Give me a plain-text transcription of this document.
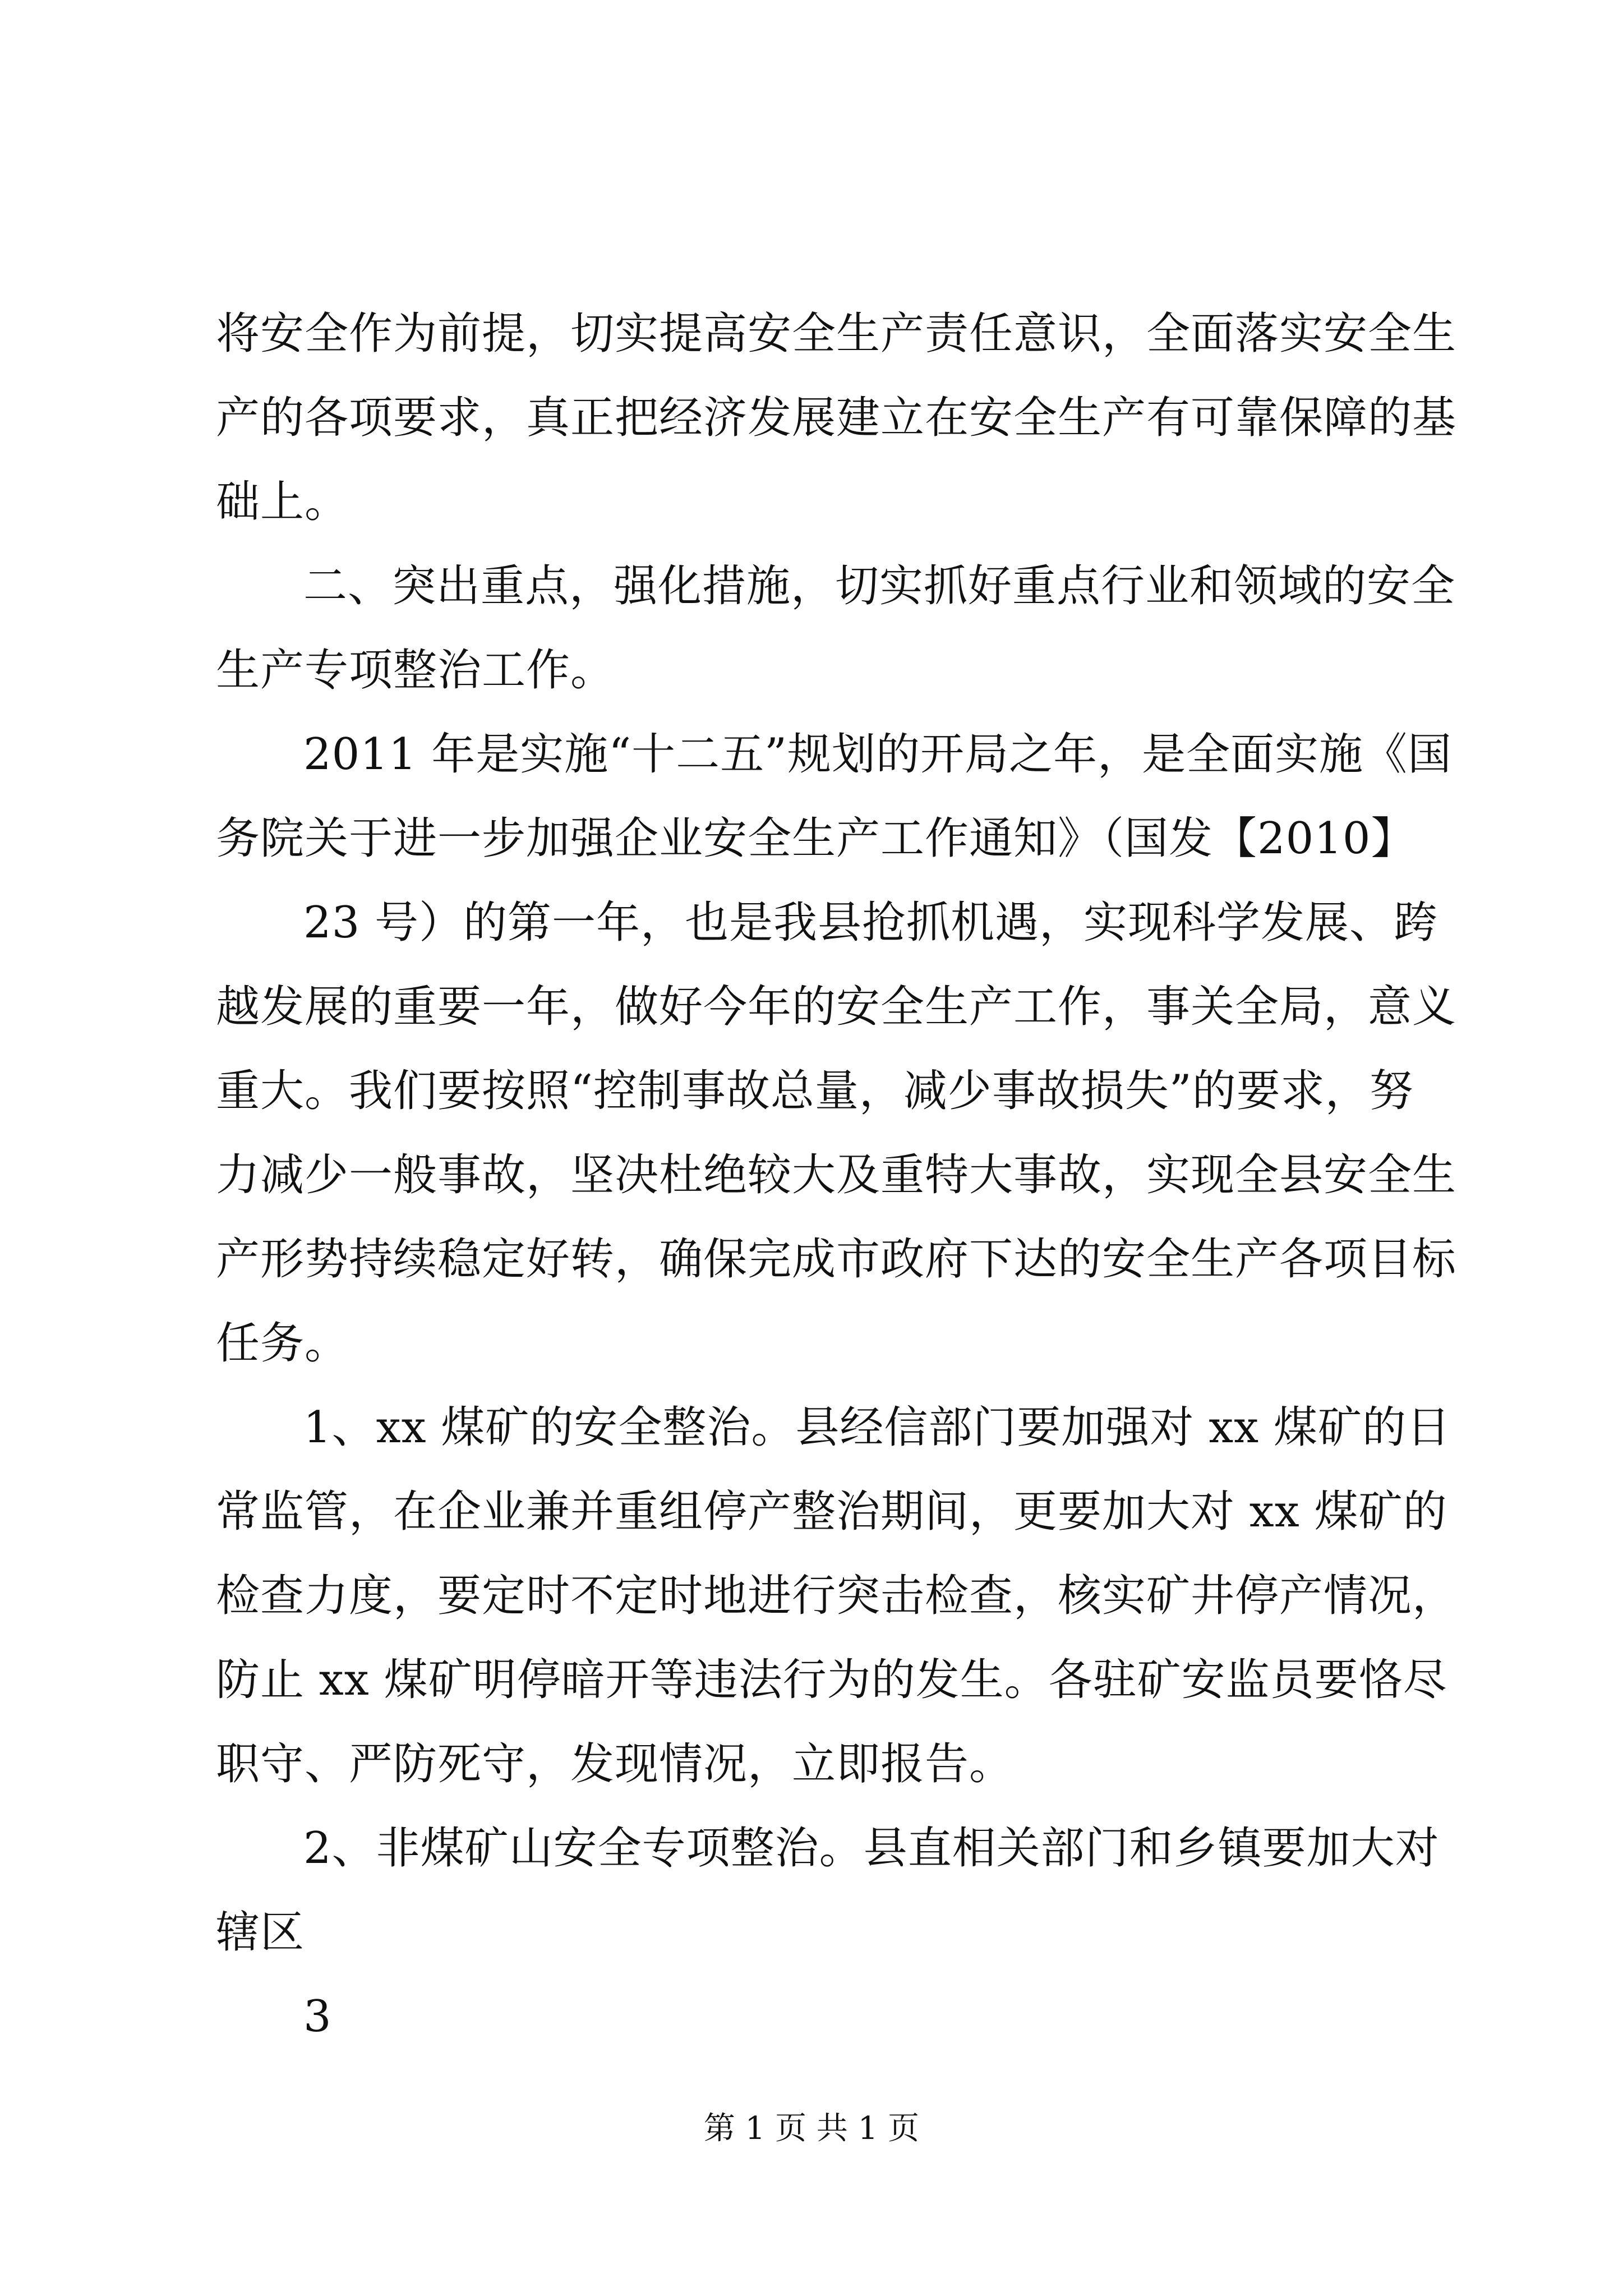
将安全作为前提，切实提高安全生产责任意识，全面落实安全生
产的各项要求，真正把经济发展建立在安全生产有可靠保障的基
础上。
二、突出重点，强化措施，切实抓好重点行业和领域的安全
生产专项整治工作。
2011 年是实施“十二五”规划的开局之年，是全面实施《国
务院关于进一步加强企业安全生产工作通知》（国发【2010】
23 号）的第一年，也是我县抢抓机遇，实现科学发展、跨
越发展的重要一年，做好今年的安全生产工作，事关全局，意义
重大。我们要按照“控制事故总量，减少事故损失”的要求，努
力减少一般事故，坚决杜绝较大及重特大事故，实现全县安全生
产形势持续稳定好转，确保完成市政府下达的安全生产各项目标
任务。
1、xx 煤矿的安全整治。县经信部门要加强对 xx 煤矿的日
常监管，在企业兼并重组停产整治期间，更要加大对 xx 煤矿的
检查力度，要定时不定时地进行突击检查，核实矿井停产情况，
防止 xx 煤矿明停暗开等违法行为的发生。各驻矿安监员要恪尽
职守、严防死守，发现情况，立即报告。
2、非煤矿山安全专项整治。县直相关部门和乡镇要加大对
辖区
3
第 1 页 共 1 页
